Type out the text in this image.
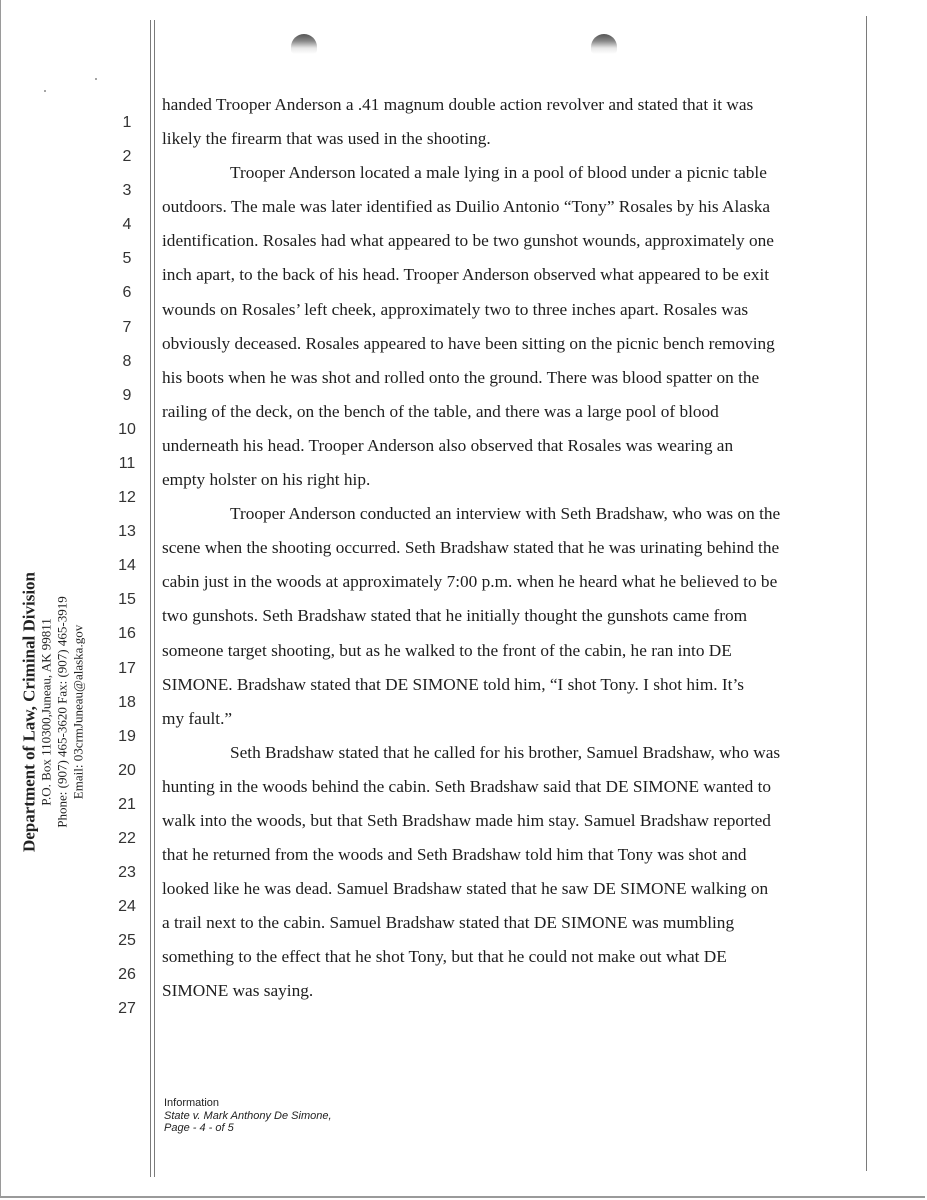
Department of Law, Criminal Division P.O. Box 110300,Juneau, AK 99811 Phone: (907) 465-3620 Fax: (907) 465-3919 Email: 03crmJuneau@alaska.gov
1
2
3
4
5
6
7
8
9
10
11
12
13
14
15
16
17
18
19
20
21
22
23
24
25
26
27
handed Trooper Anderson a .41 magnum double action revolver and stated that it was
likely the firearm that was used in the shooting.
Trooper Anderson located a male lying in a pool of blood under a picnic table
outdoors. The male was later identified as Duilio Antonio “Tony” Rosales by his Alaska
identification. Rosales had what appeared to be two gunshot wounds, approximately one
inch apart, to the back of his head. Trooper Anderson observed what appeared to be exit
wounds on Rosales’ left cheek, approximately two to three inches apart. Rosales was
obviously deceased. Rosales appeared to have been sitting on the picnic bench removing
his boots when he was shot and rolled onto the ground. There was blood spatter on the
railing of the deck, on the bench of the table, and there was a large pool of blood
underneath his head. Trooper Anderson also observed that Rosales was wearing an
empty holster on his right hip.
Trooper Anderson conducted an interview with Seth Bradshaw, who was on the
scene when the shooting occurred. Seth Bradshaw stated that he was urinating behind the
cabin just in the woods at approximately 7:00 p.m. when he heard what he believed to be
two gunshots. Seth Bradshaw stated that he initially thought the gunshots came from
someone target shooting, but as he walked to the front of the cabin, he ran into DE
SIMONE. Bradshaw stated that DE SIMONE told him, “I shot Tony. I shot him. It’s
my fault.”
Seth Bradshaw stated that he called for his brother, Samuel Bradshaw, who was
hunting in the woods behind the cabin. Seth Bradshaw said that DE SIMONE wanted to
walk into the woods, but that Seth Bradshaw made him stay. Samuel Bradshaw reported
that he returned from the woods and Seth Bradshaw told him that Tony was shot and
looked like he was dead. Samuel Bradshaw stated that he saw DE SIMONE walking on
a trail next to the cabin. Samuel Bradshaw stated that DE SIMONE was mumbling
something to the effect that he shot Tony, but that he could not make out what DE
SIMONE was saying.
Information
State v. Mark Anthony De Simone,
Page - 4 - of 5
